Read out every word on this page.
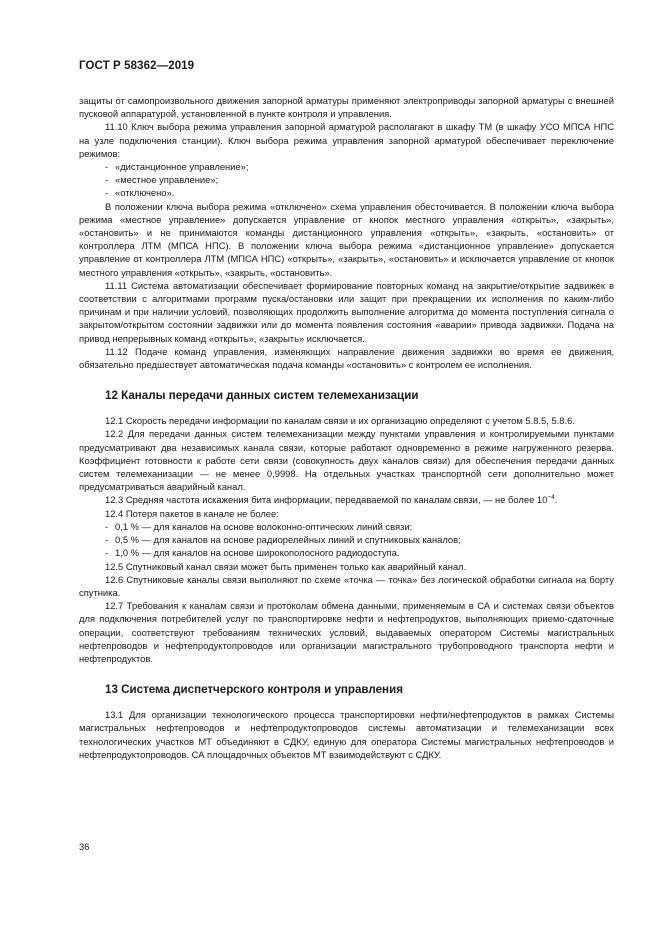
ГОСТ Р 58362—2019

защиты от самопроизвольного движения запорной арматуры применяют электроприводы запорной арматуры с внешней пусковой аппаратурой, установленной в пункте контроля и управления.

11.10 Ключ выбора режима управления запорной арматурой располагают в шкафу ТМ (в шкафу УСО МПСА НПС на узле подключения станции). Ключ выбора режима управления запорной арматурой обеспечивает переключение режимов:

- «дистанционное управление»;
- «местное управление»;
- «отключено».

В положении ключа выбора режима «отключено» схема управления обесточивается. В положении ключа выбора режима «местное управление» допускается управление от кнопок местного управления «открыть», «закрыть», «остановить» и не принимаются команды дистанционного управления «открыть», «закрыть, «остановить» от контроллера ЛТМ (МПСА НПС). В положении ключа выбора режима «дистанционное управление» допускается управление от контроллера ЛТМ (МПСА НПС) «открыть», «закрыть», «остановить» и исключается управление от кнопок местного управления «открыть», «закрыть, «остановить».

11.11 Система автоматизации обеспечивает формирование повторных команд на закрытие/открытие задвижек в соответствии с алгоритмами программ пуска/остановки или защит при прекращении их исполнения по каким-либо причинам и при наличии условий, позволяющих продолжить выполнение алгоритма до момента поступления сигнала о закрытом/открытом состоянии задвижки или до момента появления состояния «аварии» привода задвижки. Подача на привод непрерывных команд «открыть», «закрыть» исключается.

11.12 Подаче команд управления, изменяющих направление движения задвижки во время ее движения, обязательно предшествует автоматическая подача команды «остановить» с контролем ее исполнения.

12 Каналы передачи данных систем телемеханизации

12.1 Скорость передачи информации по каналам связи и их организацию определяют с учетом 5.8.5, 5.8.6.

12.2 Для передачи данных систем телемеханизации между пунктами управления и контролируемыми пунктами предусматривают два независимых канала связи, которые работают одновременно в режиме нагруженного резерва. Коэффициент готовности к работе сети связи (совокупность двух каналов связи) для обеспечения передачи данных систем телемеханизации — не менее 0,9998. На отдельных участках транспортной сети дополнительно может предусматриваться аварийный канал.

12.3 Средняя частота искажения бита информации, передаваемой по каналам связи, — не более $10^{-4}$.

12.4 Потеря пакетов в канале не более:

- 0,1 % — для каналов на основе волоконно-оптических линий связи;
- 0,5 % — для каналов на основе радиорелейных линий и спутниковых каналов;
- 1,0 % — для каналов на основе широкополосного радиодоступа.

12.5 Спутниковый канал связи может быть применен только как аварийный канал.

12.6 Спутниковые каналы связи выполняют по схеме «точка — точка» без логической обработки сигнала на борту спутника.

12.7 Требования к каналам связи и протоколам обмена данными, применяемым в СА и системах связи объектов для подключения потребителей услуг по транспортировке нефти и нефтепродуктов, выполняющих приемо-сдаточные операции, соответствуют требованиям технических условий, выдаваемых оператором Системы магистральных нефтепроводов и нефтепродуктопроводов или организации магистрального трубопроводного транспорта нефти и нефтепродуктов.

13 Система диспетчерского контроля и управления

13.1 Для организации технологического процесса транспортировки нефти/нефтепродуктов в рамках Системы магистральных нефтепроводов и нефтепродуктопроводов системы автоматизации и телемеханизации всех технологических участков МТ объединяют в СДКУ, единую для оператора Системы магистральных нефтепроводов и нефтепродуктопроводов. СА площадочных объектов МТ взаимодействуют с СДКУ.

36
